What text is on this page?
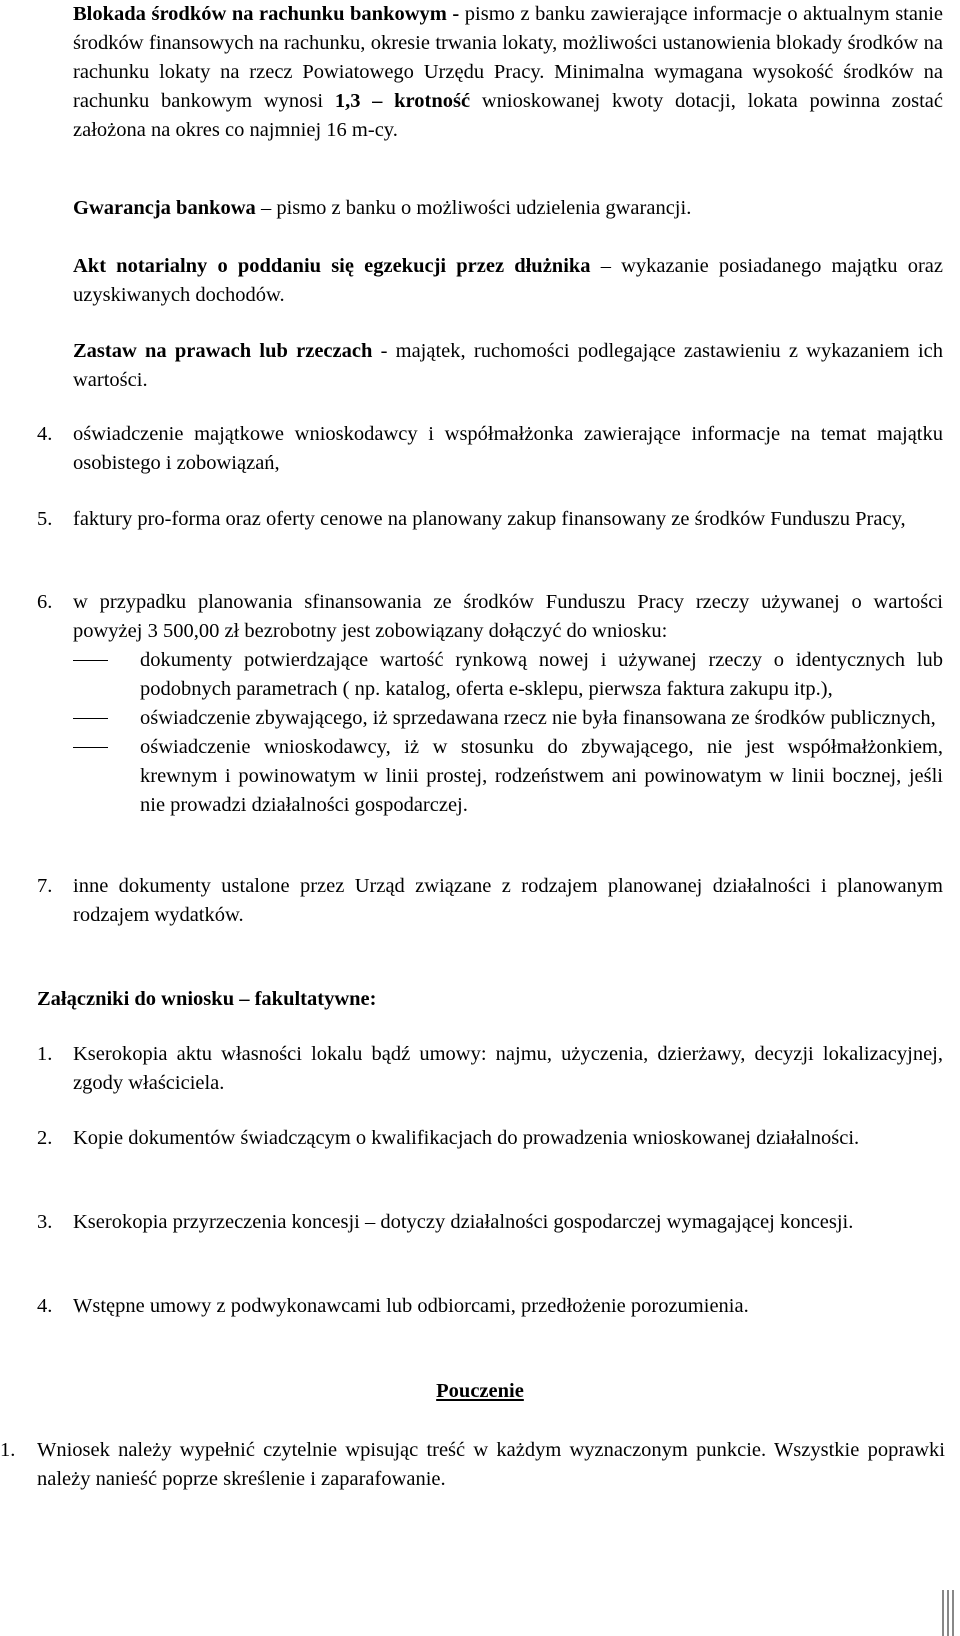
Blokada środków na rachunku bankowym - pismo z banku zawierające informacje o aktualnym stanie środków finansowych na rachunku, okresie trwania lokaty, możliwości ustanowienia blokady środków na rachunku lokaty na rzecz Powiatowego Urzędu Pracy. Minimalna wymagana wysokość środków na rachunku bankowym wynosi 1,3 – krotność wnioskowanej kwoty dotacji, lokata powinna zostać założona na okres co najmniej 16 m-cy.

Gwarancja bankowa – pismo z banku o możliwości udzielenia gwarancji.

Akt notarialny o poddaniu się egzekucji przez dłużnika – wykazanie posiadanego majątku oraz uzyskiwanych dochodów.

Zastaw na prawach lub rzeczach - majątek, ruchomości podlegające zastawieniu z wykazaniem ich wartości.

4. oświadczenie majątkowe wnioskodawcy i współmałżonka zawierające informacje na temat majątku osobistego i zobowiązań,

5. faktury pro-forma oraz oferty cenowe na planowany zakup finansowany ze środków Funduszu Pracy,

6. w przypadku planowania sfinansowania ze środków Funduszu Pracy rzeczy używanej o wartości powyżej 3 500,00 zł bezrobotny jest zobowiązany dołączyć do wniosku:

dokumenty potwierdzające wartość rynkową nowej i używanej rzeczy o identycznych lub podobnych parametrach ( np. katalog, oferta e-sklepu, pierwsza faktura zakupu itp.),

oświadczenie zbywającego, iż sprzedawana rzecz nie była finansowana ze środków publicznych,

oświadczenie wnioskodawcy, iż w stosunku do zbywającego, nie jest współmałżonkiem, krewnym i powinowatym w linii prostej, rodzeństwem ani powinowatym w linii bocznej, jeśli nie prowadzi działalności gospodarczej.

7. inne dokumenty ustalone przez Urząd związane z rodzajem planowanej działalności i planowanym rodzajem wydatków.

Załączniki do wniosku – fakultatywne:

1. Kserokopia aktu własności lokalu bądź umowy: najmu, użyczenia, dzierżawy, decyzji lokalizacyjnej, zgody właściciela.

2. Kopie dokumentów świadczącym o kwalifikacjach do prowadzenia wnioskowanej działalności.

3. Kserokopia przyrzeczenia koncesji – dotyczy działalności gospodarczej wymagającej koncesji.

4. Wstępne umowy z podwykonawcami lub odbiorcami, przedłożenie porozumienia.

Pouczenie

1. Wniosek należy wypełnić czytelnie wpisując treść w każdym wyznaczonym punkcie. Wszystkie poprawki należy nanieść poprze skreślenie i zaparafowanie.
